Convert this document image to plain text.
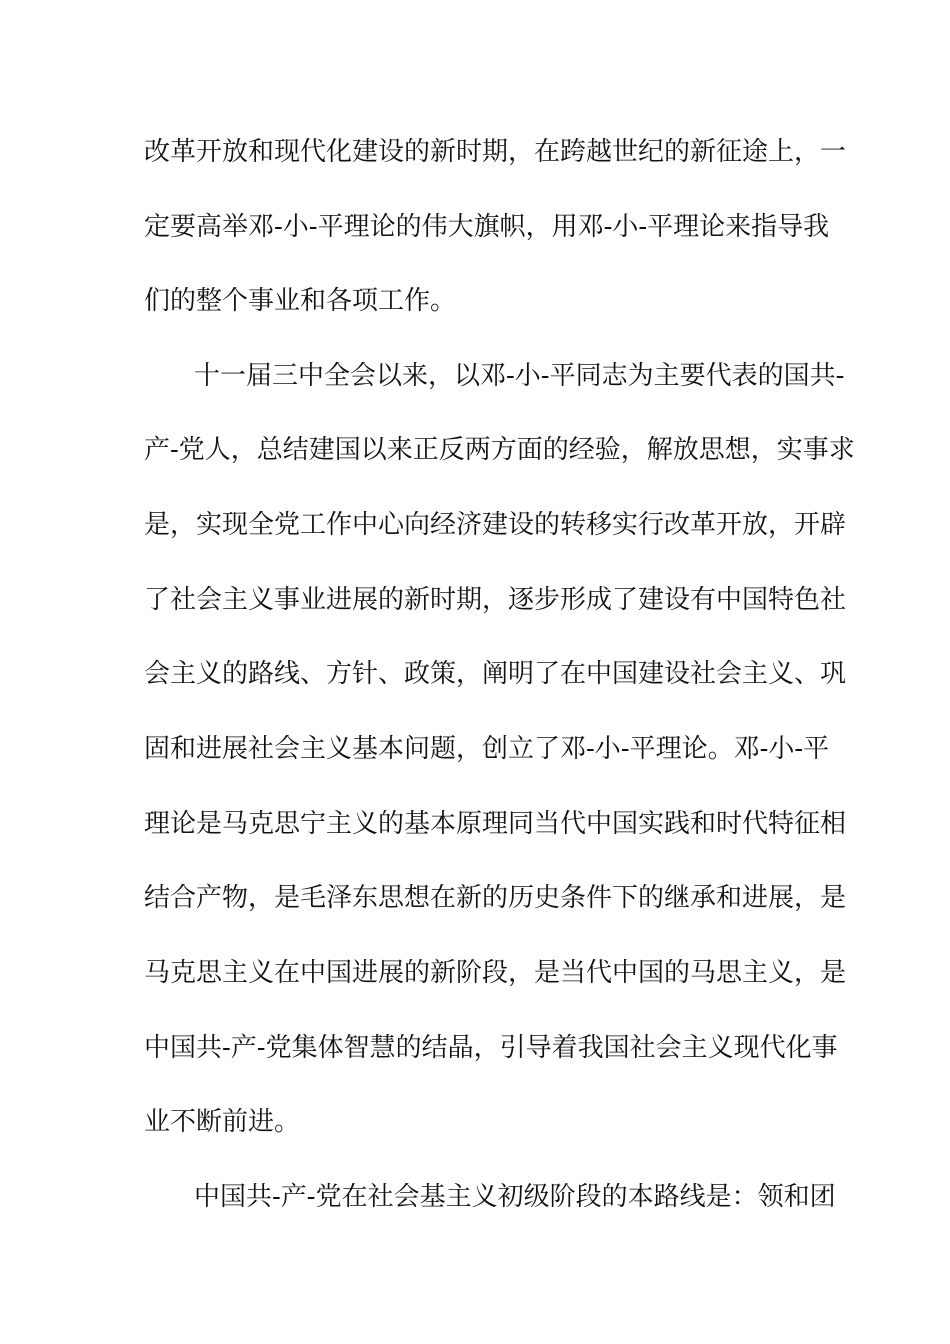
改革开放和现代化建设的新时期，在跨越世纪的新征途上，一
定要高举邓-小-平理论的伟大旗帜，用邓-小-平理论来指导我
们的整个事业和各项工作。
十一届三中全会以来，以邓-小-平同志为主要代表的国共-
产-党人，总结建国以来正反两方面的经验，解放思想，实事求
是，实现全党工作中心向经济建设的转移实行改革开放，开辟
了社会主义事业进展的新时期，逐步形成了建设有中国特色社
会主义的路线、方针、政策，阐明了在中国建设社会主义、巩
固和进展社会主义基本问题，创立了邓-小-平理论。邓-小-平
理论是马克思宁主义的基本原理同当代中国实践和时代特征相
结合产物，是毛泽东思想在新的历史条件下的继承和进展，是
马克思主义在中国进展的新阶段，是当代中国的马思主义，是
中国共-产-党集体智慧的结晶，引导着我国社会主义现代化事
业不断前进。
中国共-产-党在社会基主义初级阶段的本路线是：领和团
